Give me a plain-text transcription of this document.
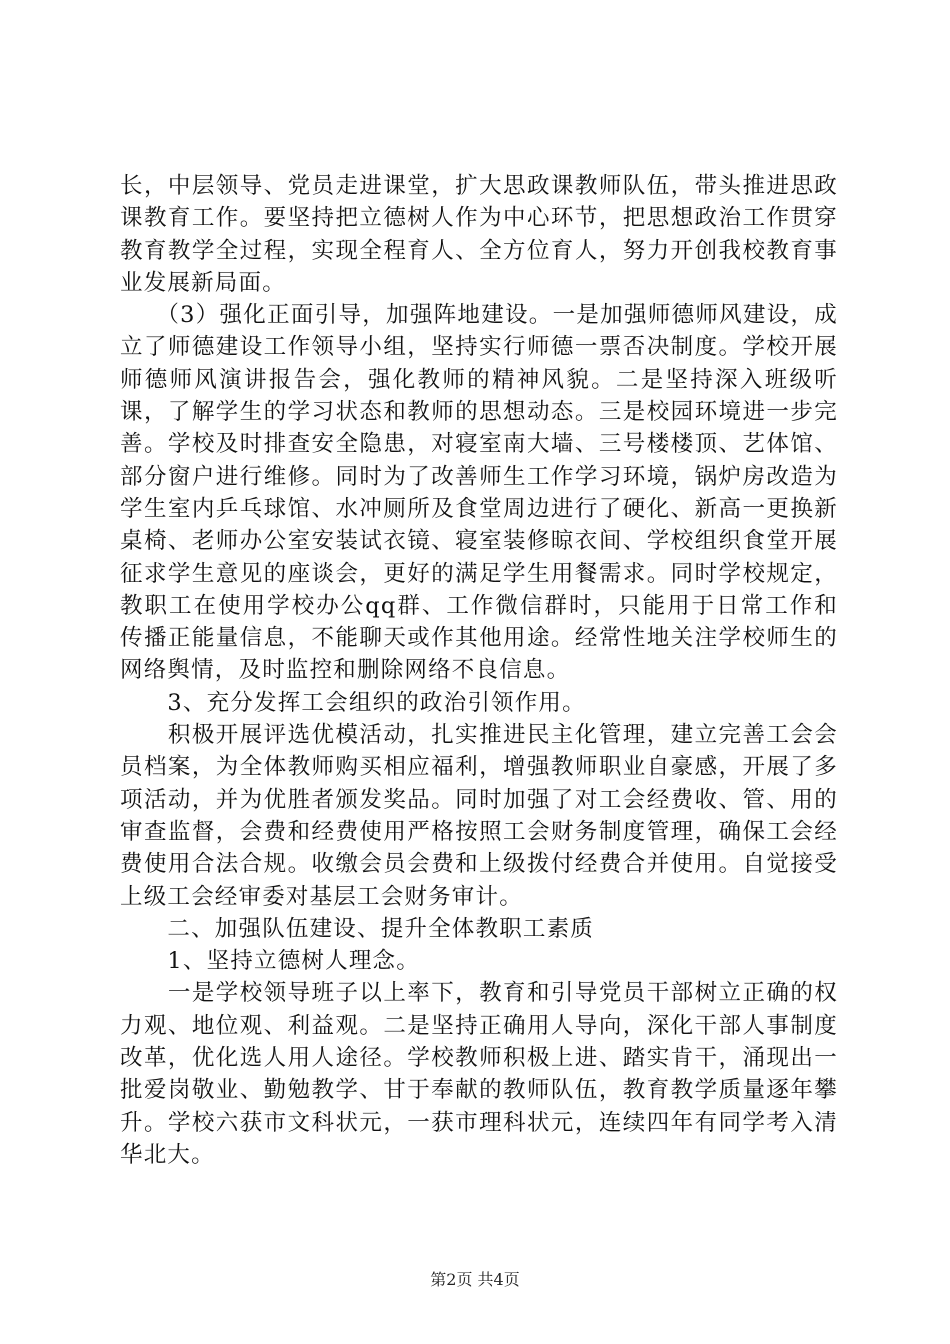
长，中层领导、党员走进课堂，扩大思政课教师队伍，带头推进思政课教育工作。要坚持把立德树人作为中心环节，把思想政治工作贯穿教育教学全过程，实现全程育人、全方位育人，努力开创我校教育事业发展新局面。

　　（3）强化正面引导，加强阵地建设。一是加强师德师风建设，成立了师德建设工作领导小组，坚持实行师德一票否决制度。学校开展师德师风演讲报告会，强化教师的精神风貌。二是坚持深入班级听课，了解学生的学习状态和教师的思想动态。三是校园环境进一步完善。学校及时排查安全隐患，对寝室南大墙、三号楼楼顶、艺体馆、部分窗户进行维修。同时为了改善师生工作学习环境，锅炉房改造为学生室内乒乓球馆、水冲厕所及食堂周边进行了硬化、新高一更换新桌椅、老师办公室安装试衣镜、寝室装修晾衣间、学校组织食堂开展征求学生意见的座谈会，更好的满足学生用餐需求。同时学校规定，教职工在使用学校办公qq群、工作微信群时，只能用于日常工作和传播正能量信息，不能聊天或作其他用途。经常性地关注学校师生的网络舆情，及时监控和删除网络不良信息。

　　3、充分发挥工会组织的政治引领作用。

　　积极开展评选优模活动，扎实推进民主化管理，建立完善工会会员档案，为全体教师购买相应福利，增强教师职业自豪感，开展了多项活动，并为优胜者颁发奖品。同时加强了对工会经费收、管、用的审查监督，会费和经费使用严格按照工会财务制度管理，确保工会经费使用合法合规。收缴会员会费和上级拨付经费合并使用。自觉接受上级工会经审委对基层工会财务审计。

　　二、加强队伍建设、提升全体教职工素质

　　1、坚持立德树人理念。

　　一是学校领导班子以上率下，教育和引导党员干部树立正确的权力观、地位观、利益观。二是坚持正确用人导向，深化干部人事制度改革，优化选人用人途径。学校教师积极上进、踏实肯干，涌现出一批爱岗敬业、勤勉教学、甘于奉献的教师队伍，教育教学质量逐年攀升。学校六获市文科状元，一获市理科状元，连续四年有同学考入清华北大。

第2页 共4页
